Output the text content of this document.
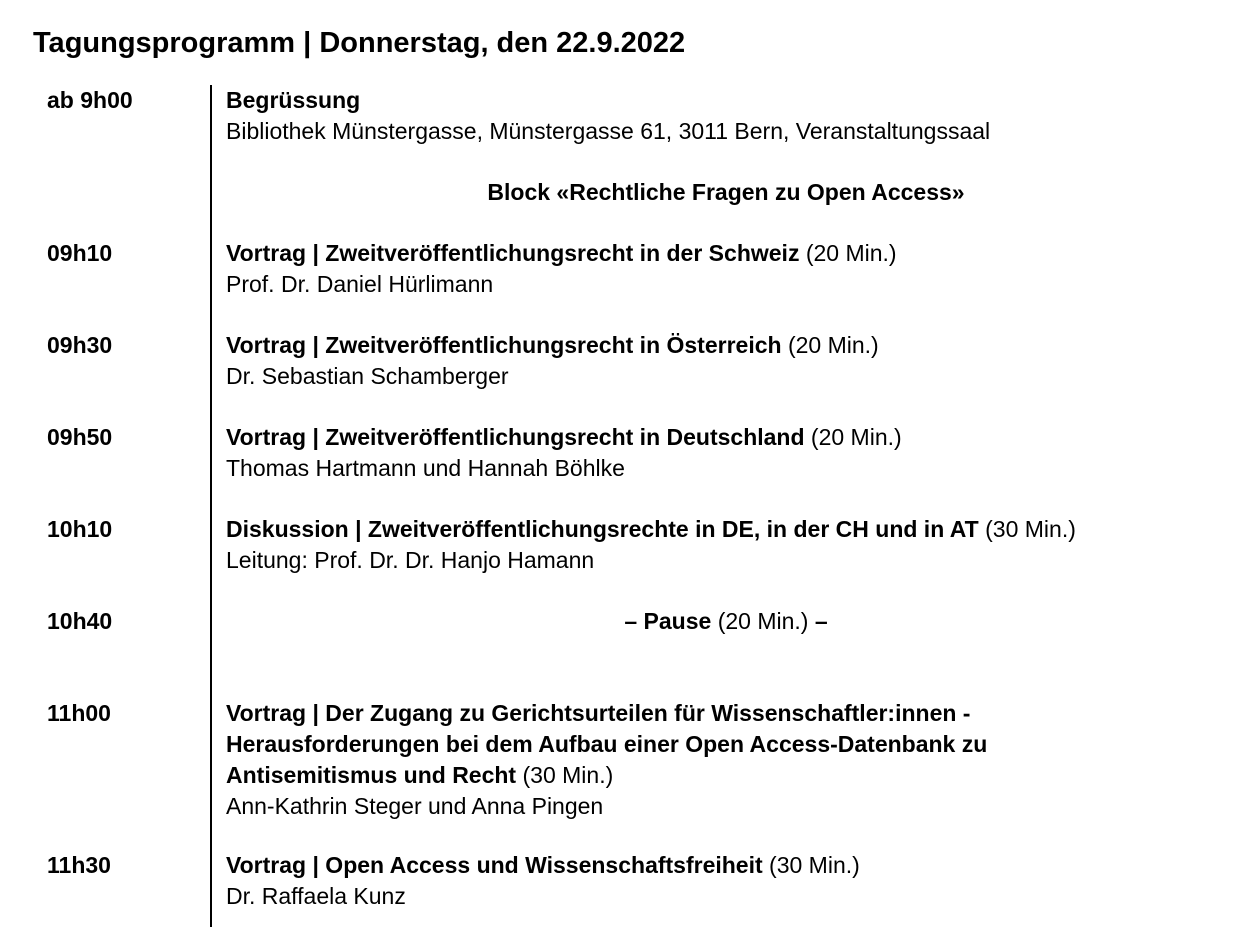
Tagungsprogramm | Donnerstag, den 22.9.2022
ab 9h00	Begrüssung
Bibliothek Münstergasse, Münstergasse 61, 3011 Bern, Veranstaltungssaal
Block «Rechtliche Fragen zu Open Access»
09h10	Vortrag | Zweitveröffentlichungsrecht in der Schweiz (20 Min.)
Prof. Dr. Daniel Hürlimann
09h30	Vortrag | Zweitveröffentlichungsrecht in Österreich (20 Min.)
Dr. Sebastian Schamberger
09h50	Vortrag | Zweitveröffentlichungsrecht in Deutschland (20 Min.)
Thomas Hartmann und Hannah Böhlke
10h10	Diskussion | Zweitveröffentlichungsrechte in DE, in der CH und in AT (30 Min.)
Leitung: Prof. Dr. Dr. Hanjo Hamann
10h40	– Pause (20 Min.) –
11h00	Vortrag | Der Zugang zu Gerichtsurteilen für Wissenschaftler:innen -
Herausforderungen bei dem Aufbau einer Open Access-Datenbank zu
Antisemitismus und Recht (30 Min.)
Ann-Kathrin Steger und Anna Pingen
11h30	Vortrag | Open Access und Wissenschaftsfreiheit (30 Min.)
Dr. Raffaela Kunz
